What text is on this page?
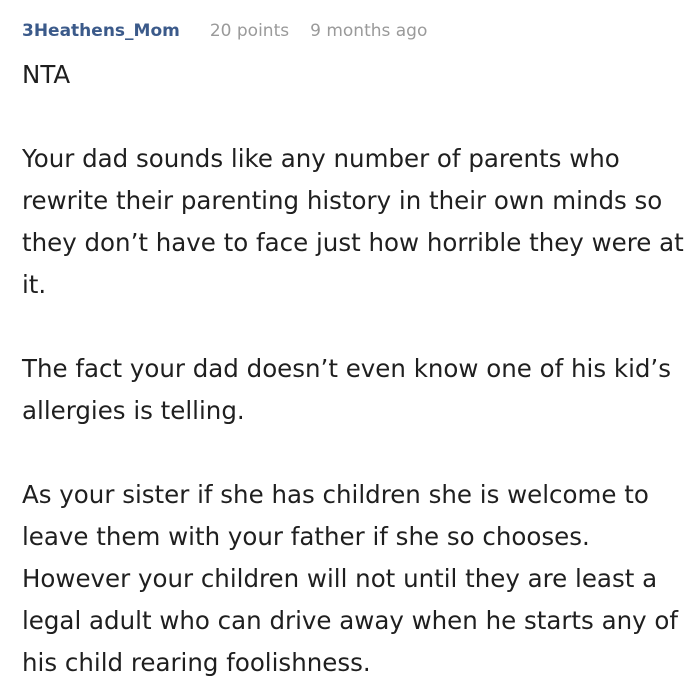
3Heathens_Mom 20 points 9 months ago

NTA

Your dad sounds like any number of parents who rewrite their parenting history in their own minds so they don’t have to face just how horrible they were at it.

The fact your dad doesn’t even know one of his kid’s allergies is telling.

As your sister if she has children she is welcome to leave them with your father if she so chooses. However your children will not until they are least a legal adult who can drive away when he starts any of his child rearing foolishness.
